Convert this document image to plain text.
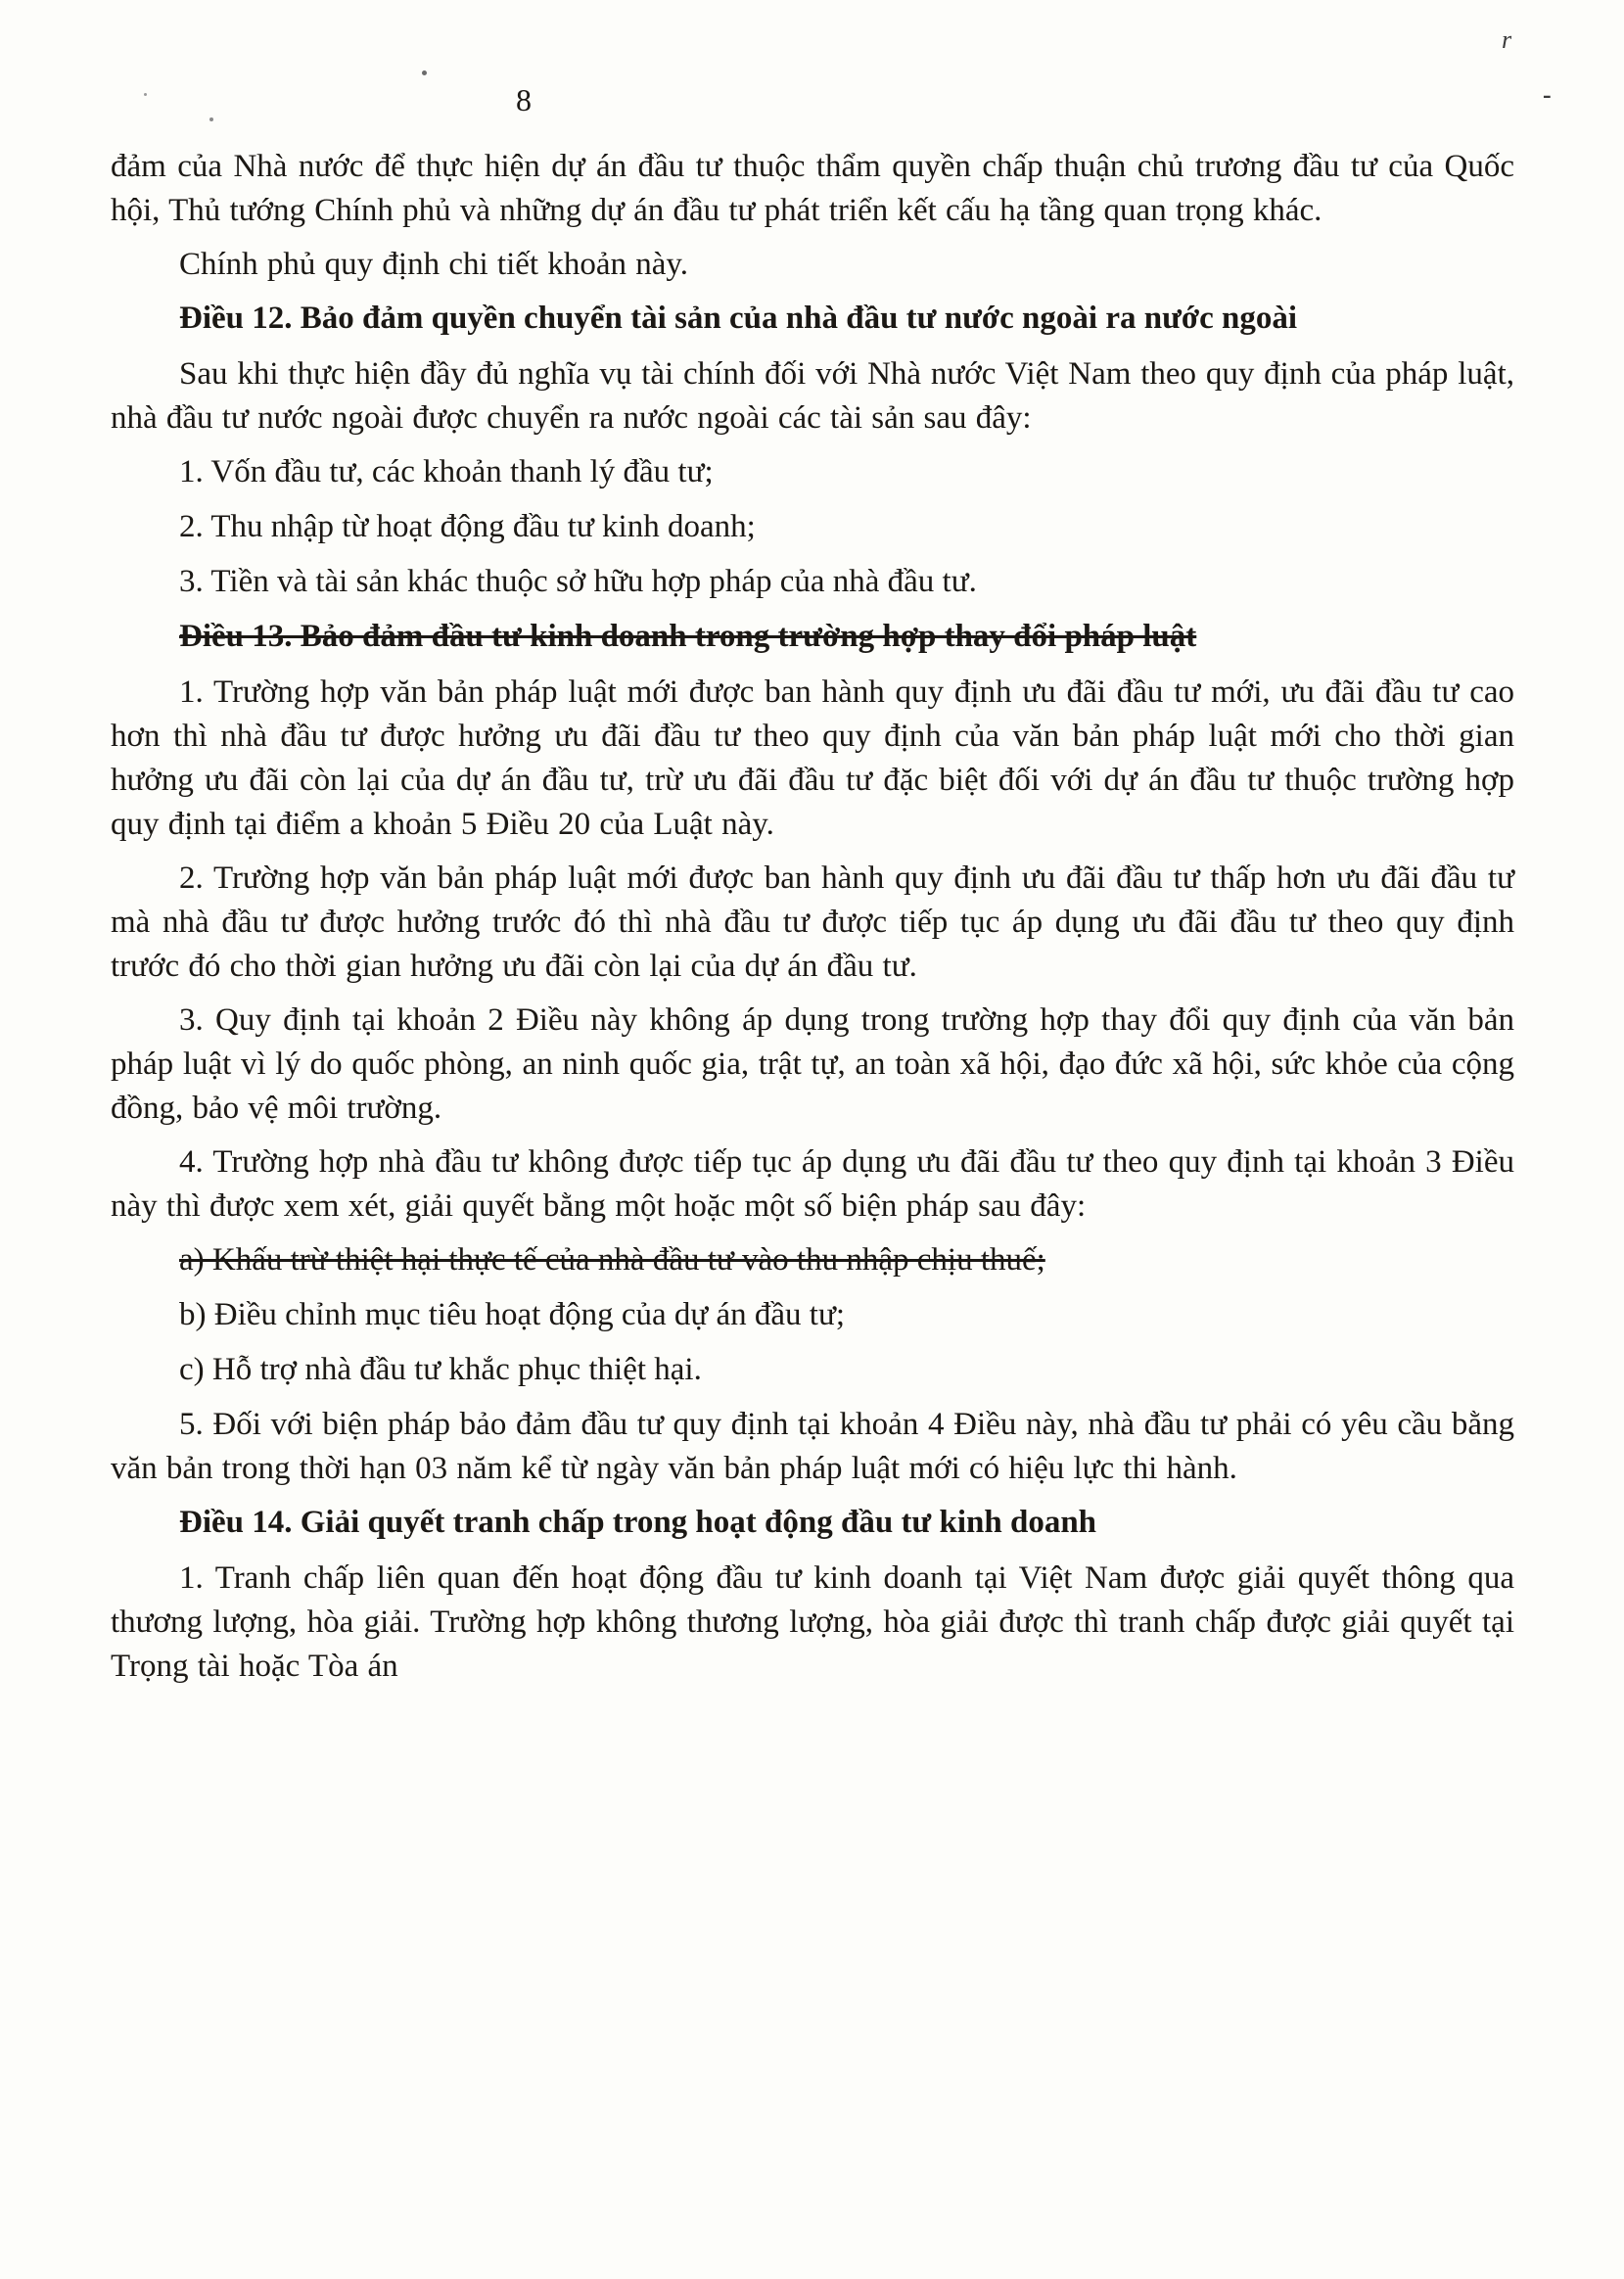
r
-
8

đảm của Nhà nước để thực hiện dự án đầu tư thuộc thẩm quyền chấp thuận chủ trương đầu tư của Quốc hội, Thủ tướng Chính phủ và những dự án đầu tư phát triển kết cấu hạ tầng quan trọng khác.

Chính phủ quy định chi tiết khoản này.

Điều 12. Bảo đảm quyền chuyển tài sản của nhà đầu tư nước ngoài ra nước ngoài

Sau khi thực hiện đầy đủ nghĩa vụ tài chính đối với Nhà nước Việt Nam theo quy định của pháp luật, nhà đầu tư nước ngoài được chuyển ra nước ngoài các tài sản sau đây:

1. Vốn đầu tư, các khoản thanh lý đầu tư;

2. Thu nhập từ hoạt động đầu tư kinh doanh;

3. Tiền và tài sản khác thuộc sở hữu hợp pháp của nhà đầu tư.

Điều 13. Bảo đảm đầu tư kinh doanh trong trường hợp thay đổi pháp luật

1. Trường hợp văn bản pháp luật mới được ban hành quy định ưu đãi đầu tư mới, ưu đãi đầu tư cao hơn thì nhà đầu tư được hưởng ưu đãi đầu tư theo quy định của văn bản pháp luật mới cho thời gian hưởng ưu đãi còn lại của dự án đầu tư, trừ ưu đãi đầu tư đặc biệt đối với dự án đầu tư thuộc trường hợp quy định tại điểm a khoản 5 Điều 20 của Luật này.

2. Trường hợp văn bản pháp luật mới được ban hành quy định ưu đãi đầu tư thấp hơn ưu đãi đầu tư mà nhà đầu tư được hưởng trước đó thì nhà đầu tư được tiếp tục áp dụng ưu đãi đầu tư theo quy định trước đó cho thời gian hưởng ưu đãi còn lại của dự án đầu tư.

3. Quy định tại khoản 2 Điều này không áp dụng trong trường hợp thay đổi quy định của văn bản pháp luật vì lý do quốc phòng, an ninh quốc gia, trật tự, an toàn xã hội, đạo đức xã hội, sức khỏe của cộng đồng, bảo vệ môi trường.

4. Trường hợp nhà đầu tư không được tiếp tục áp dụng ưu đãi đầu tư theo quy định tại khoản 3 Điều này thì được xem xét, giải quyết bằng một hoặc một số biện pháp sau đây:

a) Khấu trừ thiệt hại thực tế của nhà đầu tư vào thu nhập chịu thuế;

b) Điều chỉnh mục tiêu hoạt động của dự án đầu tư;

c) Hỗ trợ nhà đầu tư khắc phục thiệt hại.

5. Đối với biện pháp bảo đảm đầu tư quy định tại khoản 4 Điều này, nhà đầu tư phải có yêu cầu bằng văn bản trong thời hạn 03 năm kể từ ngày văn bản pháp luật mới có hiệu lực thi hành.

Điều 14. Giải quyết tranh chấp trong hoạt động đầu tư kinh doanh

1. Tranh chấp liên quan đến hoạt động đầu tư kinh doanh tại Việt Nam được giải quyết thông qua thương lượng, hòa giải. Trường hợp không thương lượng, hòa giải được thì tranh chấp được giải quyết tại Trọng tài hoặc Tòa án
